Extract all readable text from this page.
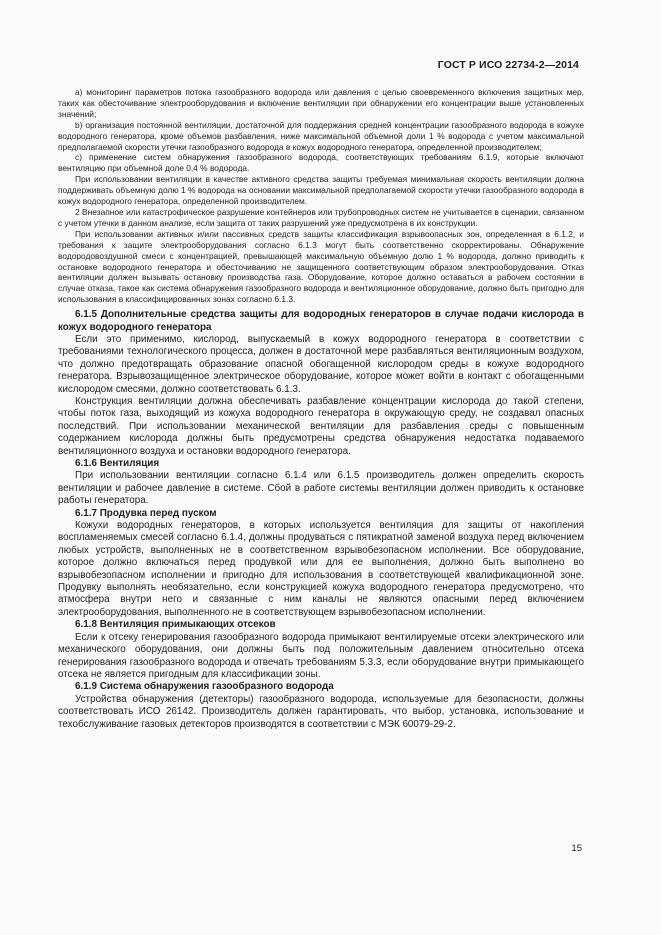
ГОСТ Р ИСО 22734-2—2014

а) мониторинг параметров потока газообразного водорода или давления с целью своевременного включения защитных мер, таких как обесточивание электрооборудования и включение вентиляции при обнаружении его концентрации выше установленных значений;

b) организация постоянной вентиляции, достаточной для поддержания средней концентрации газообразного водорода в кожухе водородного генератора, кроме объемов разбавления, ниже максимальной объемной доли 1 % водорода с учетом максимальной предполагаемой скорости утечки газообразного водорода в кожух водородного генератора, определенной производителем;

с) применение систем обнаружения газообразного водорода, соответствующих требованиям 6.1.9, которые включают вентиляцию при объемной доле 0,4 % водорода.

При использовании вентиляции в качестве активного средства защиты требуемая минимальная скорость вентиляции должна поддерживать объемную долю 1 % водорода на основании максимальной предполагаемой скорости утечки газообразного водорода в кожух водородного генератора, определенной производителем.

2 Внезапное или катастрофическое разрушение контейнеров или трубопроводных систем не учитывается в сценарии, связанном с учетом утечки в данном анализе, если защита от таких разрушений уже предусмотрена в их конструкции.

При использовании активных и/или пассивных средств защиты классификация взрывоопасных зон, определенная в 6.1.2, и требования к защите электрооборудования согласно 6.1.3 могут быть соответственно скорректированы. Обнаружение водородовоздушной смеси с концентрацией, превышающей максимальную объемную долю 1 % водорода, должно приводить к остановке водородного генератора и обесточиванию не защищенного соответствующим образом электрооборудования. Отказ вентиляции должен вызывать остановку производства газа. Оборудование, которое должно оставаться в рабочем состоянии в случае отказа, такое как система обнаружения газообразного водорода и вентиляционное оборудование, должно быть пригодно для использования в классифицированных зонах согласно 6.1.3.

6.1.5 Дополнительные средства защиты для водородных генераторов в случае подачи кислорода в кожух водородного генератора

Если это применимо, кислород, выпускаемый в кожух водородного генератора в соответствии с требованиями технологического процесса, должен в достаточной мере разбавляться вентиляционным воздухом, что должно предотвращать образование опасной обогащенной кислородом среды в кожухе водородного генератора. Взрывозащищенное электрическое оборудование, которое может войти в контакт с обогащенными кислородом смесями, должно соответствовать 6.1.3.

Конструкция вентиляции должна обеспечивать разбавление концентрации кислорода до такой степени, чтобы поток газа, выходящий из кожуха водородного генератора в окружающую среду, не создавал опасных последствий. При использовании механической вентиляции для разбавления среды с повышенным содержанием кислорода должны быть предусмотрены средства обнаружения недостатка подаваемого вентиляционного воздуха и остановки водородного генератора.

6.1.6 Вентиляция

При использовании вентиляции согласно 6.1.4 или 6.1.5 производитель должен определить скорость вентиляции и рабочее давление в системе. Сбой в работе системы вентиляции должен приводить к остановке работы генератора.

6.1.7 Продувка перед пуском

Кожухи водородных генераторов, в которых используется вентиляция для защиты от накопления воспламеняемых смесей согласно 6.1.4, должны продуваться с пятикратной заменой воздуха перед включением любых устройств, выполненных не в соответственном взрывобезопасном исполнении. Все оборудование, которое должно включаться перед продувкой или для ее выполнения, должно быть выполнено во взрывобезопасном исполнении и пригодно для использования в соответствующей квалификационной зоне. Продувку выполнять необязательно, если конструкцией кожуха водородного генератора предусмотрено, что атмосфера внутри него и связанные с ним каналы не являются опасными перед включением электрооборудования, выполненного не в соответствующем взрывобезопасном исполнении.

6.1.8 Вентиляция примыкающих отсеков

Если к отсеку генерирования газообразного водорода примыкают вентилируемые отсеки электрического или механического оборудования, они должны быть под положительным давлением относительно отсека генерирования газообразного водорода и отвечать требованиям 5.3.3, если оборудование внутри примыкающего отсека не является пригодным для классификации зоны.

6.1.9 Система обнаружения газообразного водорода

Устройства обнаружения (детекторы) газообразного водорода, используемые для безопасности, должны соответствовать ИСО 26142. Производитель должен гарантировать, что выбор, установка, использование и техобслуживание газовых детекторов производятся в соответствии с МЭК 60079-29-2.

15
